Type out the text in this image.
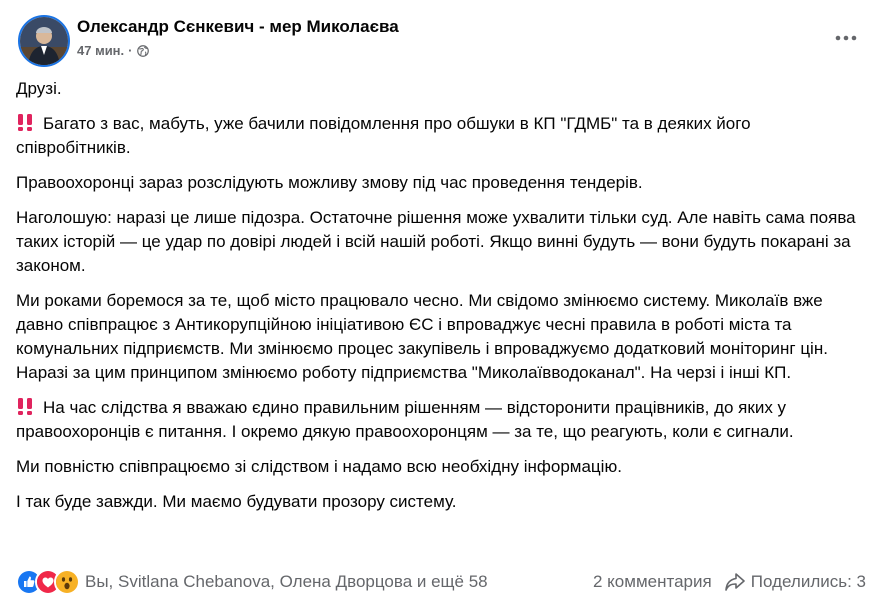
Олександр Сєнкевич - мер Миколаєва
47 мин. ·

Друзі.

Багато з вас, мабуть, уже бачили повідомлення про обшуки в КП "ГДМБ" та в деяких його співробітників.

Правоохоронці зараз розслідують можливу змову під час проведення тендерів.

Наголошую: наразі це лише підозра. Остаточне рішення може ухвалити тільки суд. Але навіть сама поява таких історій — це удар по довірі людей і всій нашій роботі. Якщо винні будуть — вони будуть покарані за законом.

Ми роками боремося за те, щоб місто працювало чесно. Ми свідомо змінюємо систему. Миколаїв вже давно співпрацює з Антикорупційною ініціативою ЄС і впроваджує чесні правила в роботі міста та комунальних підприємств. Ми змінюємо процес закупівель і впроваджуємо додатковий моніторинг цін. Наразі за цим принципом змінюємо роботу підприємства "Миколаївводоканал". На черзі і інші КП.

На час слідства я вважаю єдино правильним рішенням — відсторонити працівників, до яких у правоохоронців є питання. І окремо дякую правоохоронцям — за те, що реагують, коли є сигнали.

Ми повністю співпрацюємо зі слідством і надамо всю необхідну інформацію.

І так буде завжди. Ми маємо будувати прозору систему.

Вы, Svitlana Chebanova, Олена Дворцова и ещё 58	2 комментария Поделились: 3
